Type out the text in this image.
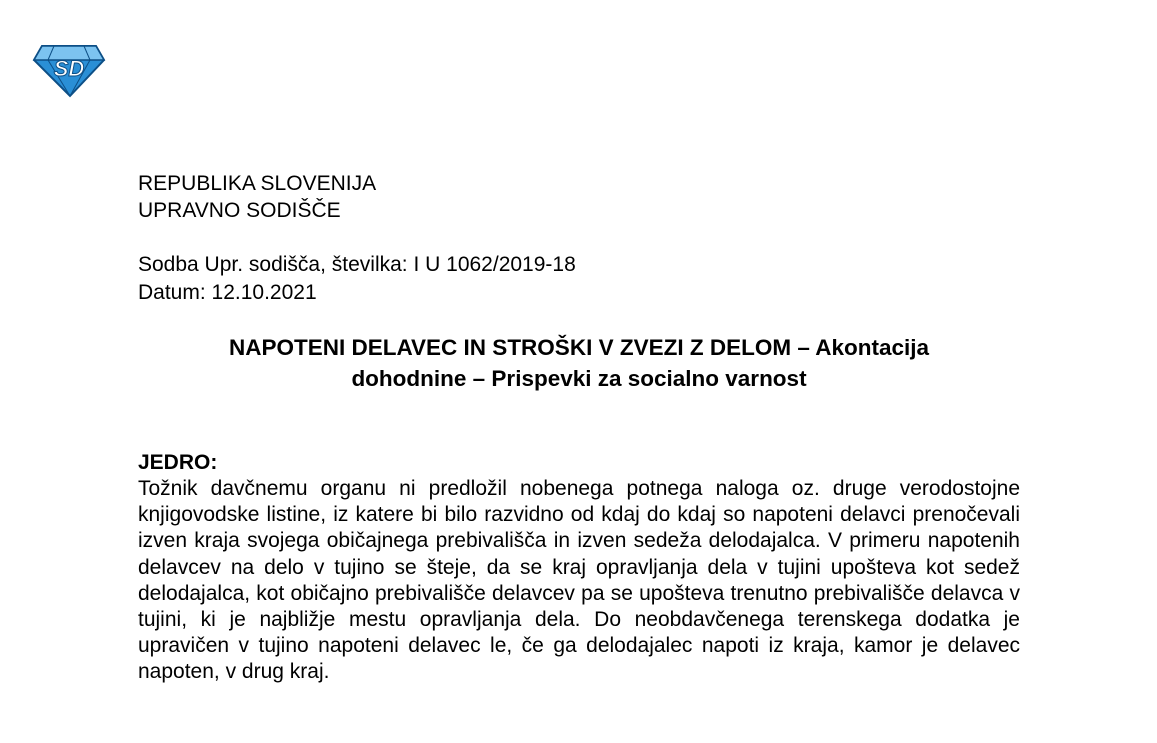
SD
REPUBLIKA SLOVENIJA
UPRAVNO SODIŠČE
Sodba Upr. sodišča, številka: I U 1062/2019-18
Datum: 12.10.2021
NAPOTENI DELAVEC IN STROŠKI V ZVEZI Z DELOM – Akontacija
dohodnine – Prispevki za socialno varnost
JEDRO:
Tožnik davčnemu organu ni predložil nobenega potnega naloga oz. druge verodostojne knjigovodske listine, iz katere bi bilo razvidno od kdaj do kdaj so napoteni delavci prenočevali izven kraja svojega običajnega prebivališča in izven sedeža delodajalca. V primeru napotenih delavcev na delo v tujino se šteje, da se kraj opravljanja dela v tujini upošteva kot sedež delodajalca, kot običajno prebivališče delavcev pa se upošteva trenutno prebivališče delavca v tujini, ki je najbližje mestu opravljanja dela. Do neobdavčenega terenskega dodatka je upravičen v tujino napoteni delavec le, če ga delodajalec napoti iz kraja, kamor je delavec napoten, v drug kraj.
